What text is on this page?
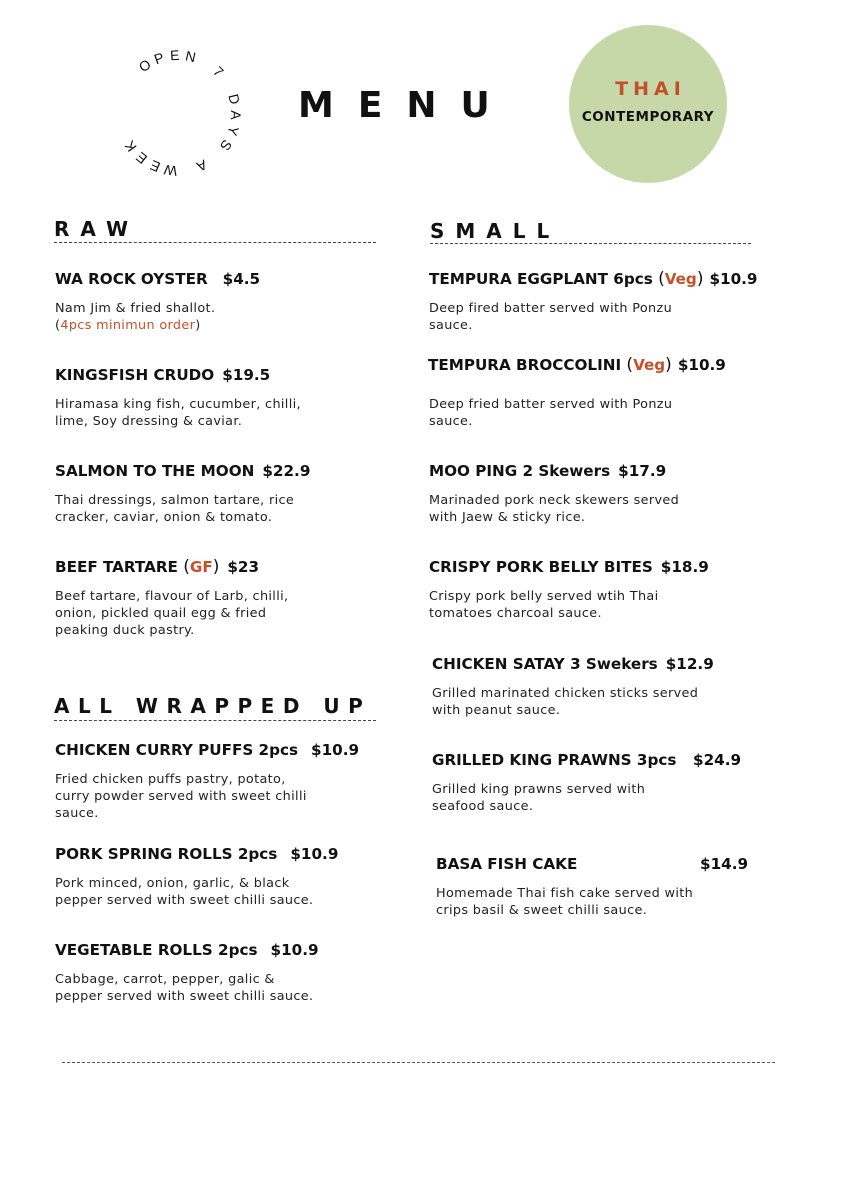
O
P E N
7
D
A
Y
S
A
W
E
E
K
MENU	THAI
CONTEMPORARY
RAW
WA ROCK OYSTER $4.5
Nam Jim & fried shallot.
(4pcs minimun order)
KINGSFISH CRUDO $19.5
Hiramasa king fish, cucumber, chilli,
lime, Soy dressing & caviar.
SALMON TO THE MOON $22.9
Thai dressings, salmon tartare, rice
cracker, caviar, onion & tomato.
BEEF TARTARE (GF) $23
Beef tartare, flavour of Larb, chilli,
onion, pickled quail egg & fried
peaking duck pastry.
ALL WRAPPED UP
CHICKEN CURRY PUFFS 2pcs $10.9
Fried chicken puffs pastry, potato,
curry powder served with sweet chilli
sauce.
PORK SPRING ROLLS 2pcs $10.9
Pork minced, onion, garlic, & black
pepper served with sweet chilli sauce.
VEGETABLE ROLLS 2pcs $10.9
Cabbage, carrot, pepper, galic &
pepper served with sweet chilli sauce.
SMALL
TEMPURA EGGPLANT 6pcs (Veg) $10.9
Deep fired batter served with Ponzu
sauce.
TEMPURA BROCCOLINI (Veg) $10.9
Deep fried batter served with Ponzu
sauce.
MOO PING 2 Skewers $17.9
Marinaded pork neck skewers served
with Jaew & sticky rice.
CRISPY PORK BELLY BITES $18.9
Crispy pork belly served wtih Thai
tomatoes charcoal sauce.
CHICKEN SATAY 3 Swekers $12.9
Grilled marinated chicken sticks served
with peanut sauce.
GRILLED KING PRAWNS 3pcs	$24.9
Grilled king prawns served with
seafood sauce.
BASA FISH CAKE	$14.9
Homemade Thai fish cake served with
crips basil & sweet chilli sauce.
